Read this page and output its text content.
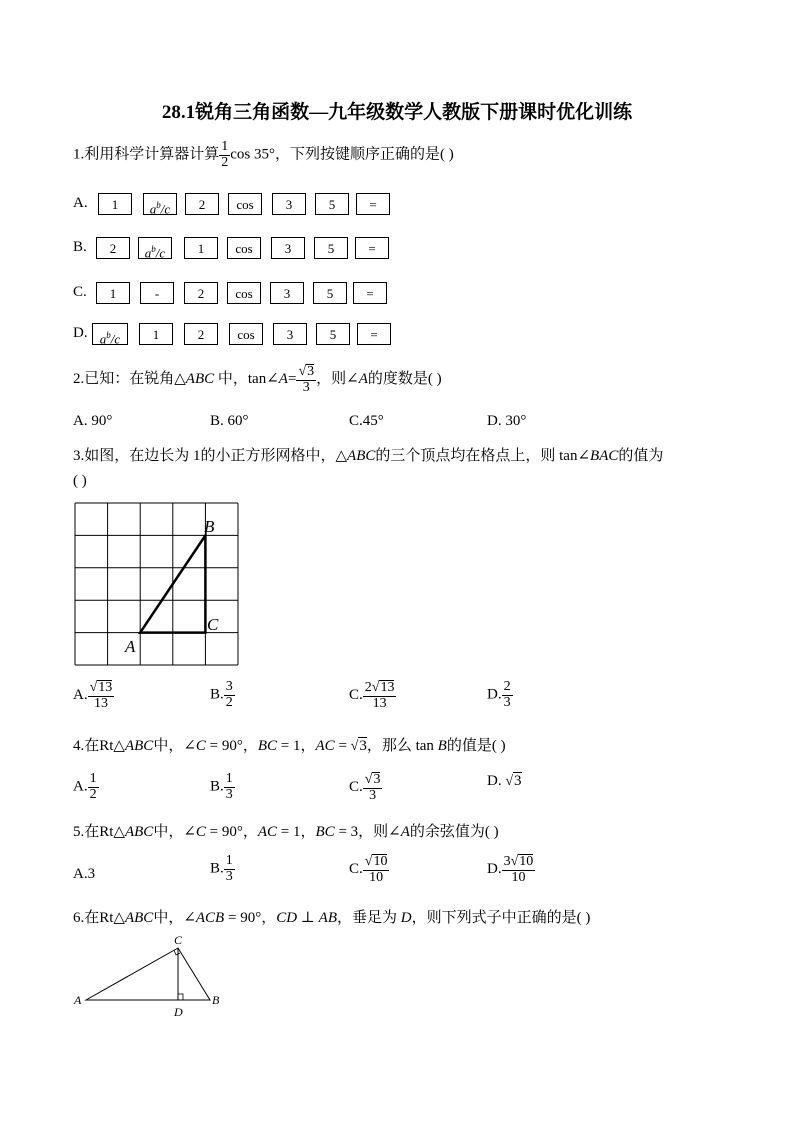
28.1锐角三角函数—九年级数学人教版下册课时优化训练
1.利用科学计算器计算 $\frac{1}{2}$ cos 35°，下列按键顺序正确的是( )
A.	1	$a^b/c$	2	cos	3	5	=
B.	2	$a^b/c$	1	cos	3	5	=
C.	1	-	2	cos	3	5	=
D. $a^b/c$	1	2	cos	3	5	=
2.已知：在锐角△ABC 中，tan∠A= $\frac{√3}{3}$ ，则∠A的度数是( )
A. 90°	B. 60°	C.45°	D. 30°
3.如图，在边长为 1的小正方形网格中，△ABC的三个顶点均在格点上，则 tan∠BAC的值为
( )
A
B
C
A. $\frac{√13}{13}$	B. $\frac{3}{2}$	C. $\frac{2√13}{13}$	D. $\frac{2}{3}$
4.在Rt△ABC中，∠C = 90°，BC = 1，AC = √3，那么 tan B的值是( )
A. $\frac{1}{2}$	B. $\frac{1}{3}$	C. $\frac{√3}{3}$	D. √3
5.在Rt△ABC中，∠C = 90°，AC = 1，BC = 3，则∠A的余弦值为( )
A.3	B. $\frac{1}{3}$	C. $\frac{√10}{10}$	D. $\frac{3√10}{10}$
6.在Rt△ABC中，∠ACB = 90°，CD ⊥ AB，垂足为 D，则下列式子中正确的是( )
A
C
B
D
